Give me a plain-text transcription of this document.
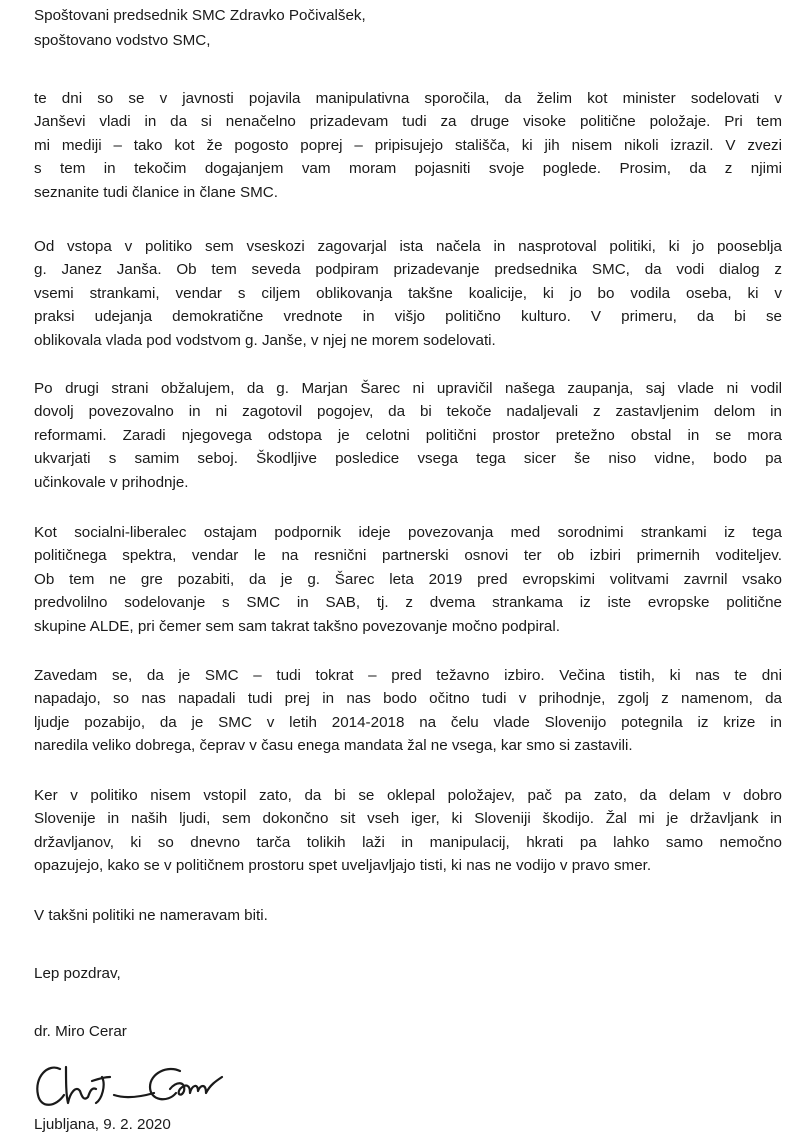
Spoštovani predsednik SMC Zdravko Počivalšek,
spoštovano vodstvo SMC,
te dni so se v javnosti pojavila manipulativna sporočila, da želim kot minister sodelovati v
Janševi vladi in da si nenačelno prizadevam tudi za druge visoke politične položaje. Pri tem
mi mediji – tako kot že pogosto poprej – pripisujejo stališča, ki jih nisem nikoli izrazil. V zvezi
s tem in tekočim dogajanjem vam moram pojasniti svoje poglede. Prosim, da z njimi
seznanite tudi članice in člane SMC.
Od vstopa v politiko sem vseskozi zagovarjal ista načela in nasprotoval politiki, ki jo poosebljа
g. Janez Janša. Ob tem seveda podpiram prizadevanje predsednika SMC, da vodi dialog z
vsemi strankami, vendar s ciljem oblikovanja takšne koalicije, ki jo bo vodila oseba, ki v
praksi udejanja demokratične vrednote in višjo politično kulturo. V primeru, da bi se
oblikovala vlada pod vodstvom g. Janše, v njej ne morem sodelovati.
Po drugi strani obžalujem, da g. Marjan Šarec ni upravičil našega zaupanja, saj vlade ni vodil
dovolj povezovalno in ni zagotovil pogojev, da bi tekoče nadaljevali z zastavljenim delom in
reformami. Zaradi njegovega odstopa je celotni politični prostor pretežno obstal in se mora
ukvarjati s samim seboj. Škodljive posledice vsega tega sicer še niso vidne, bodo pa
učinkovale v prihodnje.
Kot socialni-liberalec ostajam podpornik ideje povezovanja med sorodnimi strankami iz tega
političnega spektra, vendar le na resnični partnerski osnovi ter ob izbiri primernih voditeljev.
Ob tem ne gre pozabiti, da je g. Šarec leta 2019 pred evropskimi volitvami zavrnil vsako
predvolilno sodelovanje s SMC in SAB, tj. z dvema strankama iz iste evropske politične
skupine ALDE, pri čemer sem sam takrat takšno povezovanje močno podpiral.
Zavedam se, da je SMC – tudi tokrat – pred težavno izbiro. Večina tistih, ki nas te dni
napadajo, so nas napadali tudi prej in nas bodo očitno tudi v prihodnje, zgolj z namenom, da
ljudje pozabijo, da je SMC v letih 2014-2018 na čelu vlade Slovenijo potegnila iz krize in
naredila veliko dobrega, čeprav v času enega mandata žal ne vsega, kar smo si zastavili.
Ker v politiko nisem vstopil zato, da bi se oklepal položajev, pač pa zato, da delam v dobro
Slovenije in naših ljudi, sem dokončno sit vseh iger, ki Sloveniji škodijo. Žal mi je državljank in
državljanov, ki so dnevno tarča tolikih laži in manipulacij, hkrati pa lahko samo nemočno
opazujejo, kako se v političnem prostoru spet uveljavljajo tisti, ki nas ne vodijo v pravo smer.
V takšni politiki ne nameravam biti.
Lep pozdrav,
dr. Miro Cerar
Ljubljana, 9. 2. 2020
